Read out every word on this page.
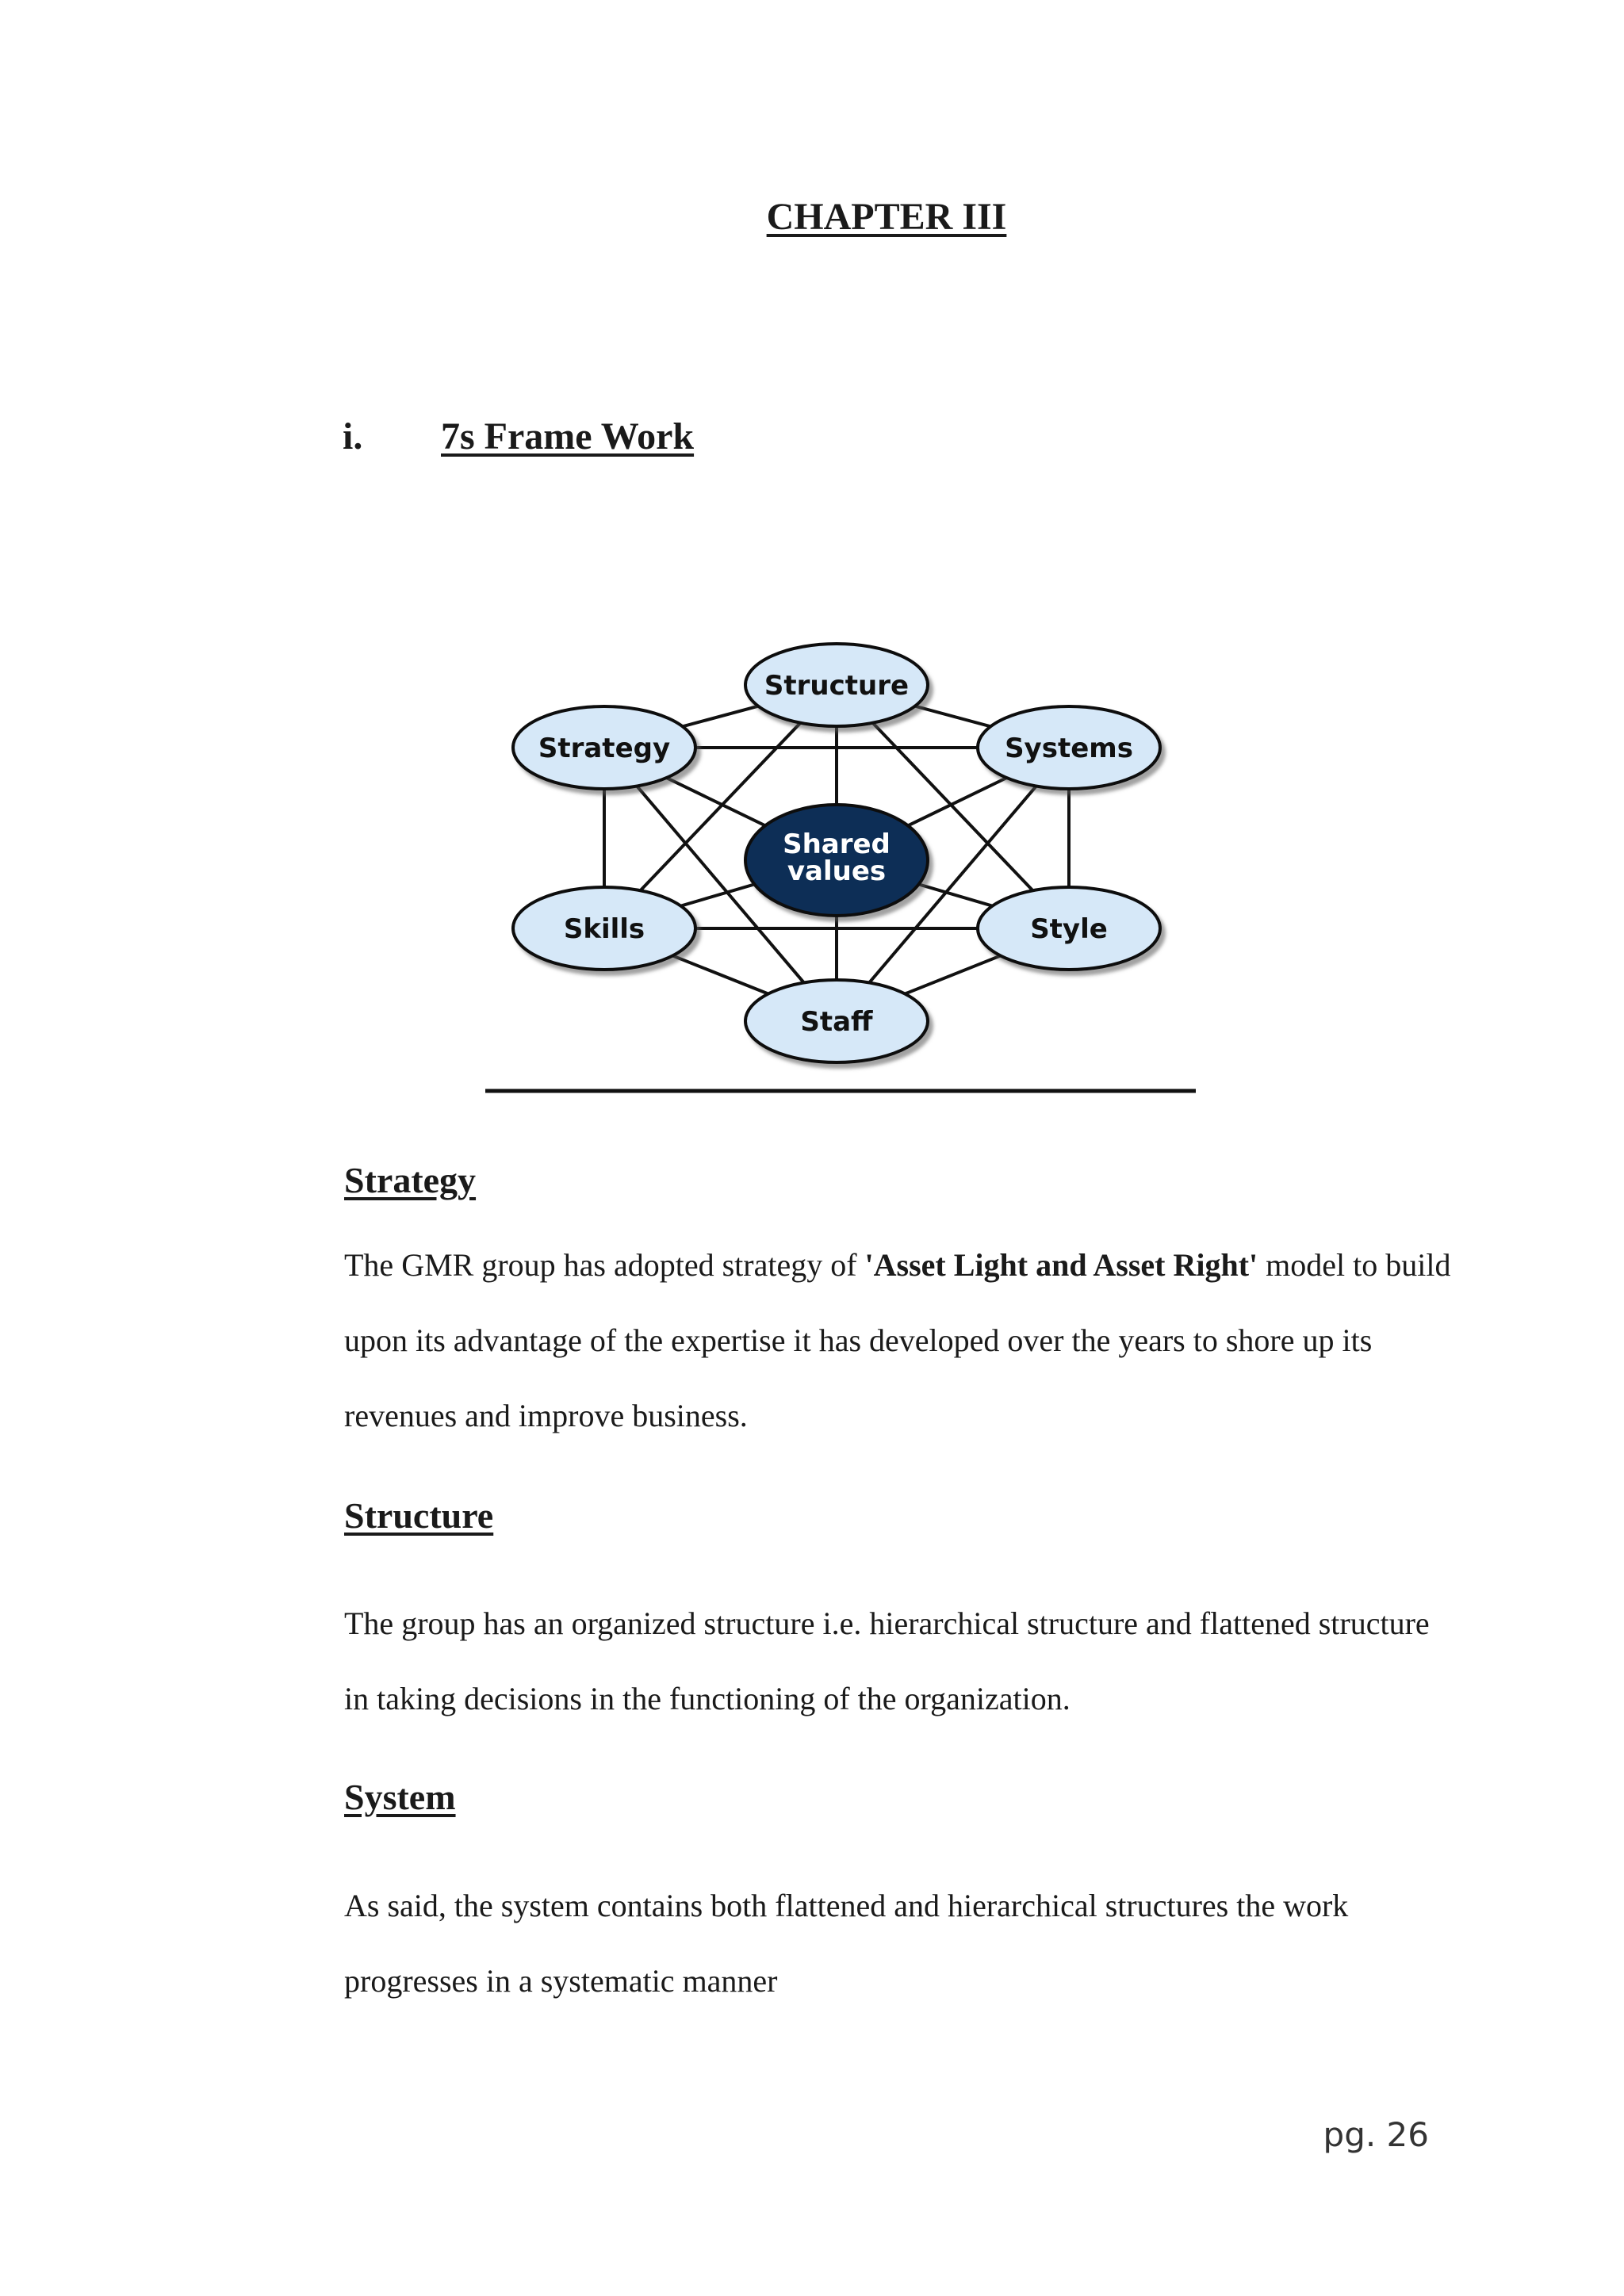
CHAPTER III
i. 7s Frame Work
Structure
Strategy	Systems
Skills	Style
Staff
Shared
values
Strategy

The GMR group has adopted strategy of 'Asset Light and Asset Right' model to build upon its advantage of the expertise it has developed over the years to shore up its revenues and improve business.

Structure

The group has an organized structure i.e. hierarchical structure and flattened structure in taking decisions in the functioning of the organization.

System

As said, the system contains both flattened and hierarchical structures the work progresses in a systematic manner

pg. 26
